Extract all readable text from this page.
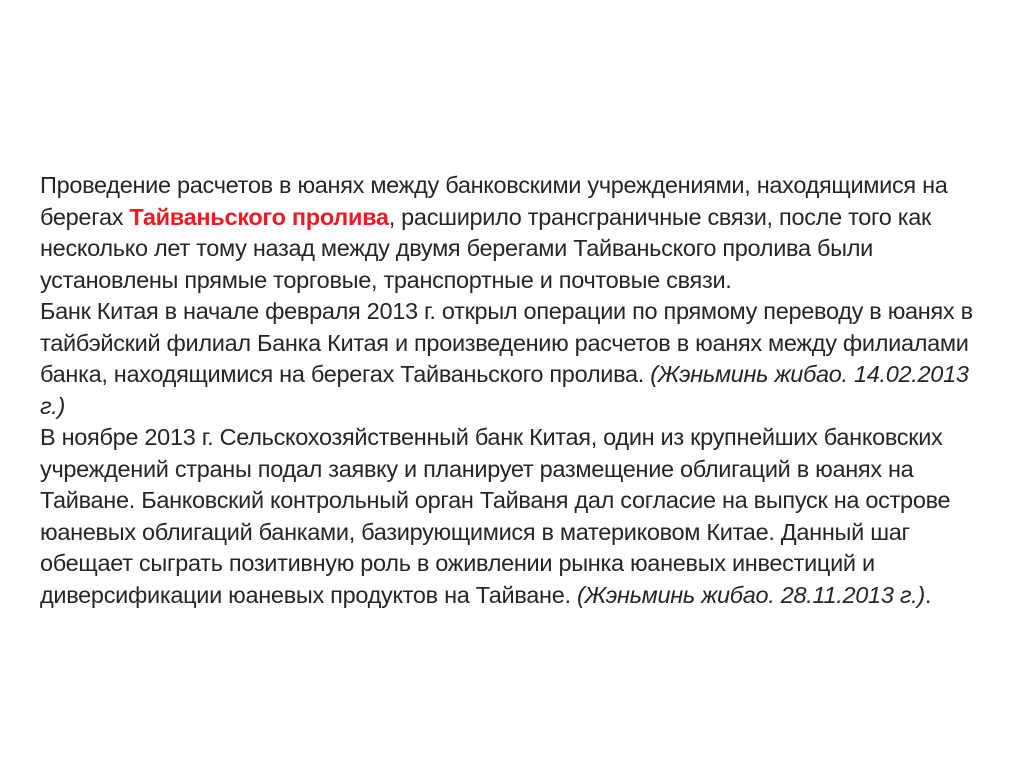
Проведение расчетов в юанях между банковскими учреждениями, находящимися на берегах Тайваньского пролива, расширило трансграничные связи, после того как несколько лет тому назад между двумя берегами Тайваньского пролива были установлены прямые торговые, транспортные и почтовые связи.

Банк Китая в начале февраля 2013 г. открыл операции по прямому переводу в юанях в тайбэйский филиал Банка Китая и произведению расчетов в юанях между филиалами банка, находящимися на берегах Тайваньского пролива. (Жэньминь жибао. 14.02.2013 г.)

В ноябре 2013 г. Сельскохозяйственный банк Китая, один из крупнейших банковских учреждений страны подал заявку и планирует размещение облигаций в юанях на Тайване. Банковский контрольный орган Тайваня дал согласие на выпуск на острове юаневых облигаций банками, базирующимися в материковом Китае. Данный шаг обещает сыграть позитивную роль в оживлении рынка юаневых инвестиций и диверсификации юаневых продуктов на Тайване. (Жэньминь жибао. 28.11.2013 г.).
